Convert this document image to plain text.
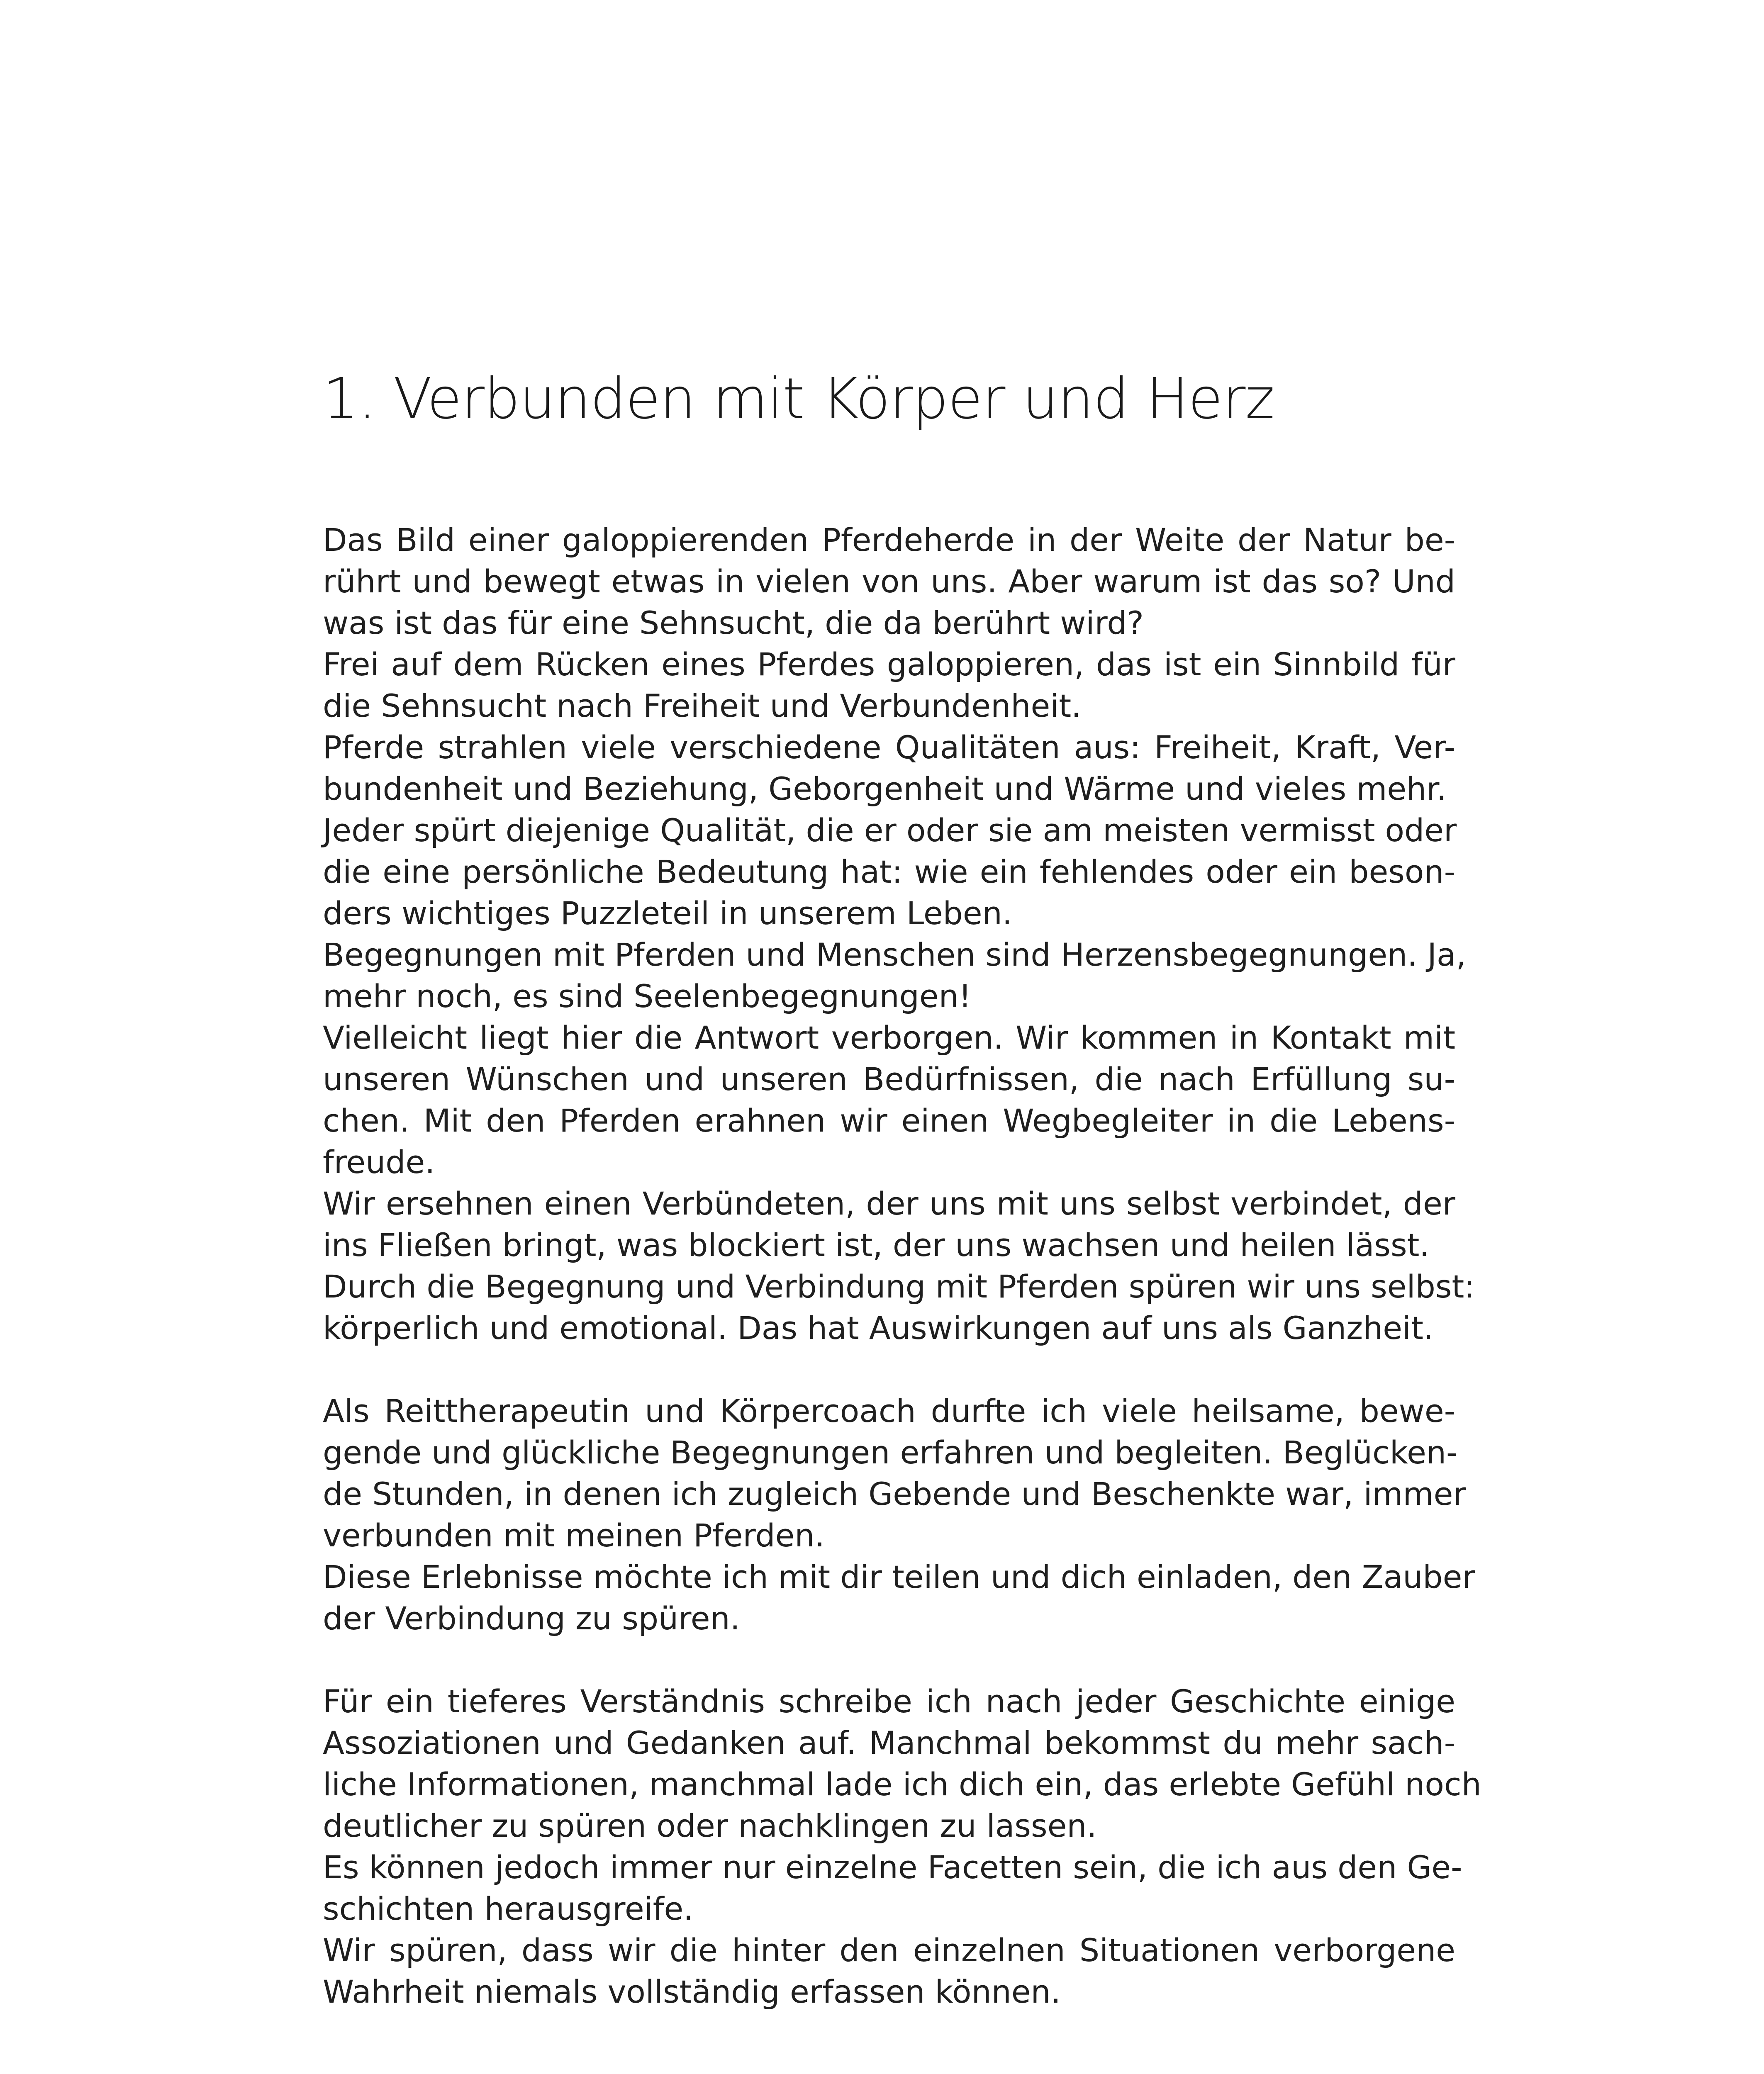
1. Verbunden mit Körper und Herz
Das Bild einer galoppierenden Pferdeherde in der Weite der Natur be-
rührt und bewegt etwas in vielen von uns. Aber warum ist das so? Und
was ist das für eine Sehnsucht, die da berührt wird?
Frei auf dem Rücken eines Pferdes galoppieren, das ist ein Sinnbild für
die Sehnsucht nach Freiheit und Verbundenheit.
Pferde strahlen viele verschiedene Qualitäten aus: Freiheit, Kraft, Ver-
bundenheit und Beziehung, Geborgenheit und Wärme und vieles mehr.
Jeder spürt diejenige Qualität, die er oder sie am meisten vermisst oder
die eine persönliche Bedeutung hat: wie ein fehlendes oder ein beson-
ders wichtiges Puzzleteil in unserem Leben.
Begegnungen mit Pferden und Menschen sind Herzensbegegnungen. Ja,
mehr noch, es sind Seelenbegegnungen!
Vielleicht liegt hier die Antwort verborgen. Wir kommen in Kontakt mit
unseren Wünschen und unseren Bedürfnissen, die nach Erfüllung su-
chen. Mit den Pferden erahnen wir einen Wegbegleiter in die Lebens-
freude.
Wir ersehnen einen Verbündeten, der uns mit uns selbst verbindet, der
ins Fließen bringt, was blockiert ist, der uns wachsen und heilen lässt.
Durch die Begegnung und Verbindung mit Pferden spüren wir uns selbst:
körperlich und emotional. Das hat Auswirkungen auf uns als Ganzheit.
Als Reittherapeutin und Körpercoach durfte ich viele heilsame, bewe-
gende und glückliche Begegnungen erfahren und begleiten. Beglücken-
de Stunden, in denen ich zugleich Gebende und Beschenkte war, immer
verbunden mit meinen Pferden.
Diese Erlebnisse möchte ich mit dir teilen und dich einladen, den Zauber
der Verbindung zu spüren.
Für ein tieferes Verständnis schreibe ich nach jeder Geschichte einige
Assoziationen und Gedanken auf. Manchmal bekommst du mehr sach-
liche Informationen, manchmal lade ich dich ein, das erlebte Gefühl noch
deutlicher zu spüren oder nachklingen zu lassen.
Es können jedoch immer nur einzelne Facetten sein, die ich aus den Ge-
schichten herausgreife.
Wir spüren, dass wir die hinter den einzelnen Situationen verborgene
Wahrheit niemals vollständig erfassen können.
